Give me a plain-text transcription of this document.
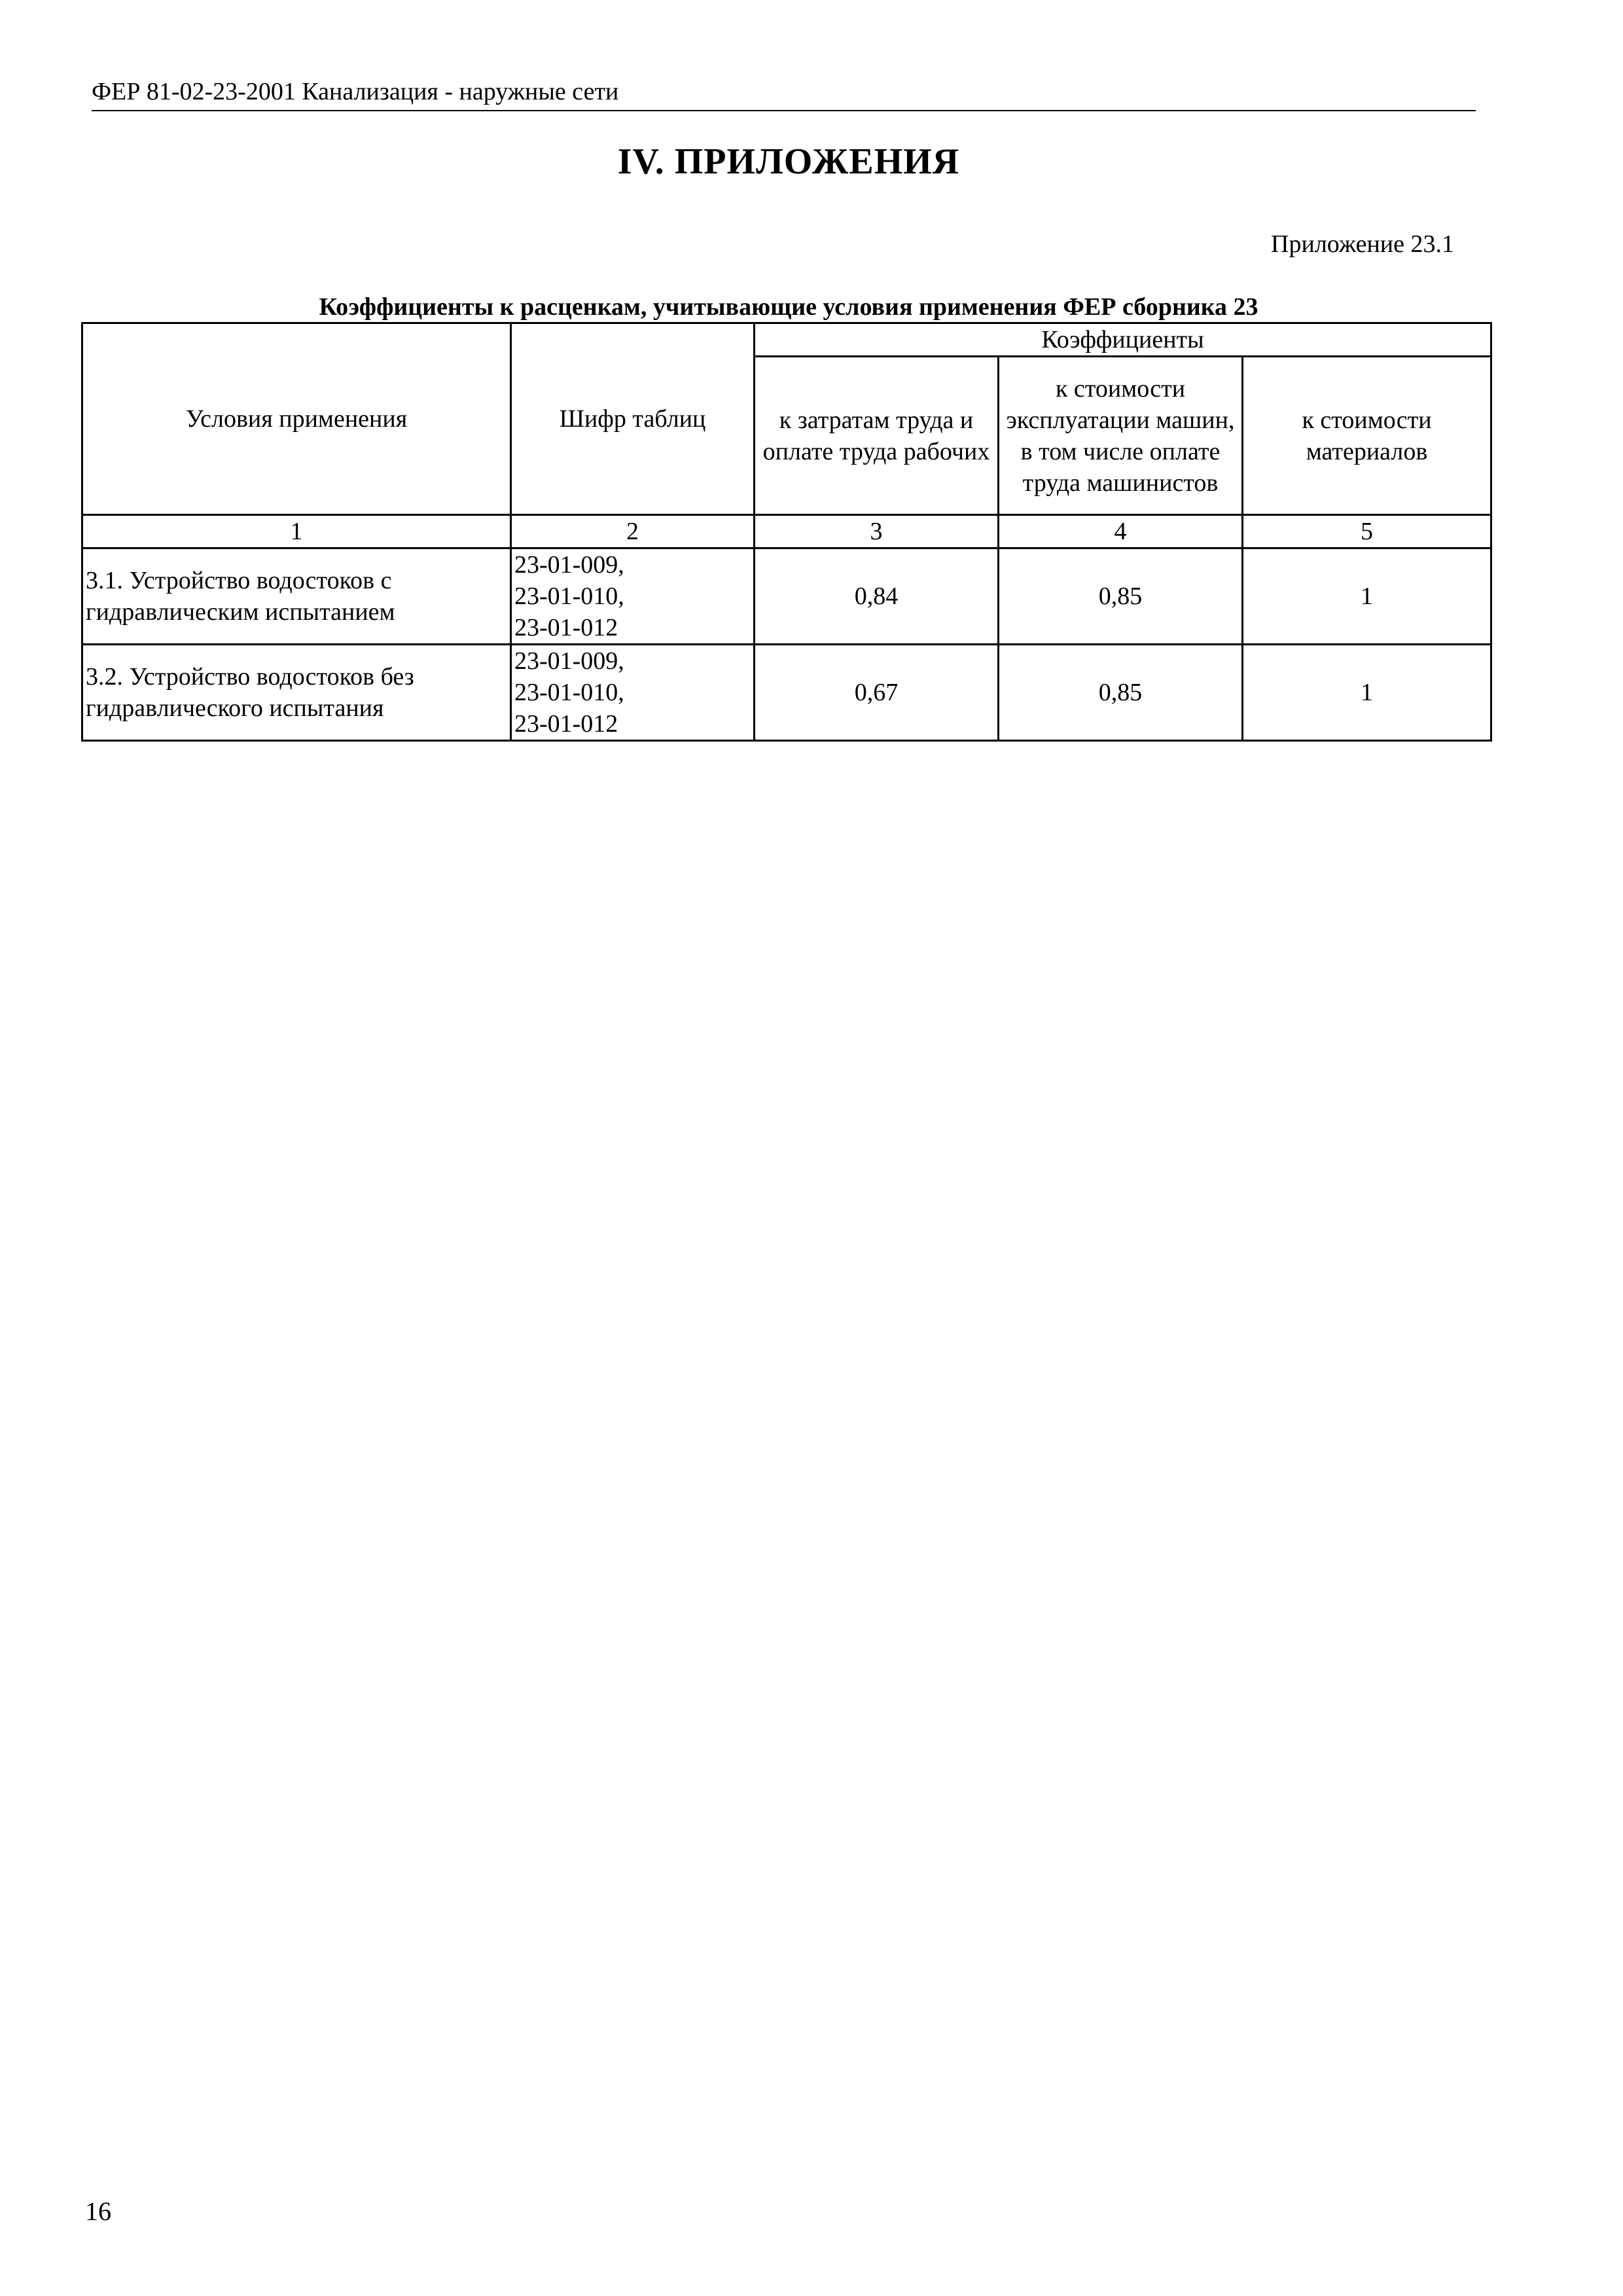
ФЕР 81-02-23-2001 Канализация - наружные сети
IV. ПРИЛОЖЕНИЯ
Приложение 23.1
Коэффициенты к расценкам, учитывающие условия применения ФЕР сборника 23
Условия применения	Шифр таблиц	Коэффициенты		
		к затратам труда и оплате труда рабочих	к стоимости эксплуатации машин, в том числе оплате труда машинистов	к стоимости материалов
1	2	3	4	5
3.1. Устройство водостоков с гидравлическим испытанием	23-01-009,
23-01-010,
23-01-012	0,84	0,85	1
3.2. Устройство водостоков без гидравлического испытания	23-01-009,
23-01-010,
23-01-012	0,67	0,85	1
16
